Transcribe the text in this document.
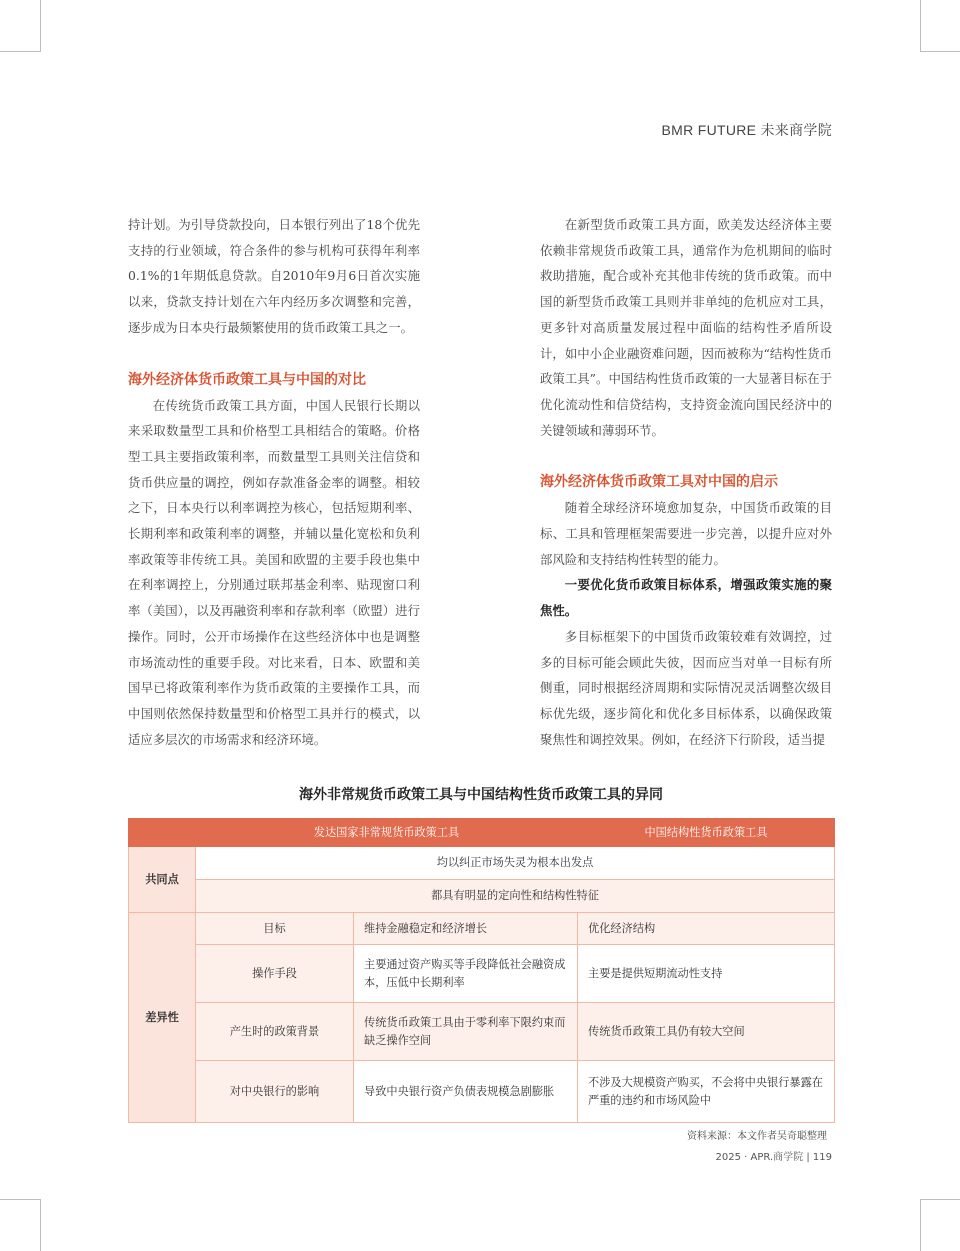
BMR FUTURE 未来商学院

持计划。为引导贷款投向，日本银行列出了18个优先支持的行业领域，符合条件的参与机构可获得年利率0.1%的1年期低息贷款。自2010年9月6日首次实施以来，贷款支持计划在六年内经历多次调整和完善，逐步成为日本央行最频繁使用的货币政策工具之一。

海外经济体货币政策工具与中国的对比

在传统货币政策工具方面，中国人民银行长期以来采取数量型工具和价格型工具相结合的策略。价格型工具主要指政策利率，而数量型工具则关注信贷和货币供应量的调控，例如存款准备金率的调整。相较之下，日本央行以利率调控为核心，包括短期利率、长期利率和政策利率的调整，并辅以量化宽松和负利率政策等非传统工具。美国和欧盟的主要手段也集中在利率调控上，分别通过联邦基金利率、贴现窗口利率（美国），以及再融资利率和存款利率（欧盟）进行操作。同时，公开市场操作在这些经济体中也是调整市场流动性的重要手段。对比来看，日本、欧盟和美国早已将政策利率作为货币政策的主要操作工具，而中国则依然保持数量型和价格型工具并行的模式，以适应多层次的市场需求和经济环境。

在新型货币政策工具方面，欧美发达经济体主要依赖非常规货币政策工具，通常作为危机期间的临时救助措施，配合或补充其他非传统的货币政策。而中国的新型货币政策工具则并非单纯的危机应对工具，更多针对高质量发展过程中面临的结构性矛盾所设计，如中小企业融资难问题，因而被称为“结构性货币政策工具”。中国结构性货币政策的一大显著目标在于优化流动性和信贷结构，支持资金流向国民经济中的关键领域和薄弱环节。

海外经济体货币政策工具对中国的启示

随着全球经济环境愈加复杂，中国货币政策的目标、工具和管理框架需要进一步完善，以提升应对外部风险和支持结构性转型的能力。

一要优化货币政策目标体系，增强政策实施的聚焦性。

多目标框架下的中国货币政策较难有效调控，过多的目标可能会顾此失彼，因而应当对单一目标有所侧重，同时根据经济周期和实际情况灵活调整次级目标优先级，逐步简化和优化多目标体系，以确保政策聚焦性和调控效果。例如，在经济下行阶段，适当提

海外非常规货币政策工具与中国结构性货币政策工具的异同
	发达国家非常规货币政策工具		中国结构性货币政策工具
共同点	均以纠正市场失灵为根本出发点		
	都具有明显的定向性和结构性特征		
差异性	目标	维持金融稳定和经济增长	优化经济结构
	操作手段	主要通过资产购买等手段降低社会融资成本，压低中长期利率	主要是提供短期流动性支持
	产生时的政策背景	传统货币政策工具由于零利率下限约束而缺乏操作空间	传统货币政策工具仍有较大空间
	对中央银行的影响	导致中央银行资产负债表规模急剧膨胀	不涉及大规模资产购买，不会将中央银行暴露在严重的违约和市场风险中
资料来源：本文作者吴奇聪整理
2025 · APR.商学院 | 119
